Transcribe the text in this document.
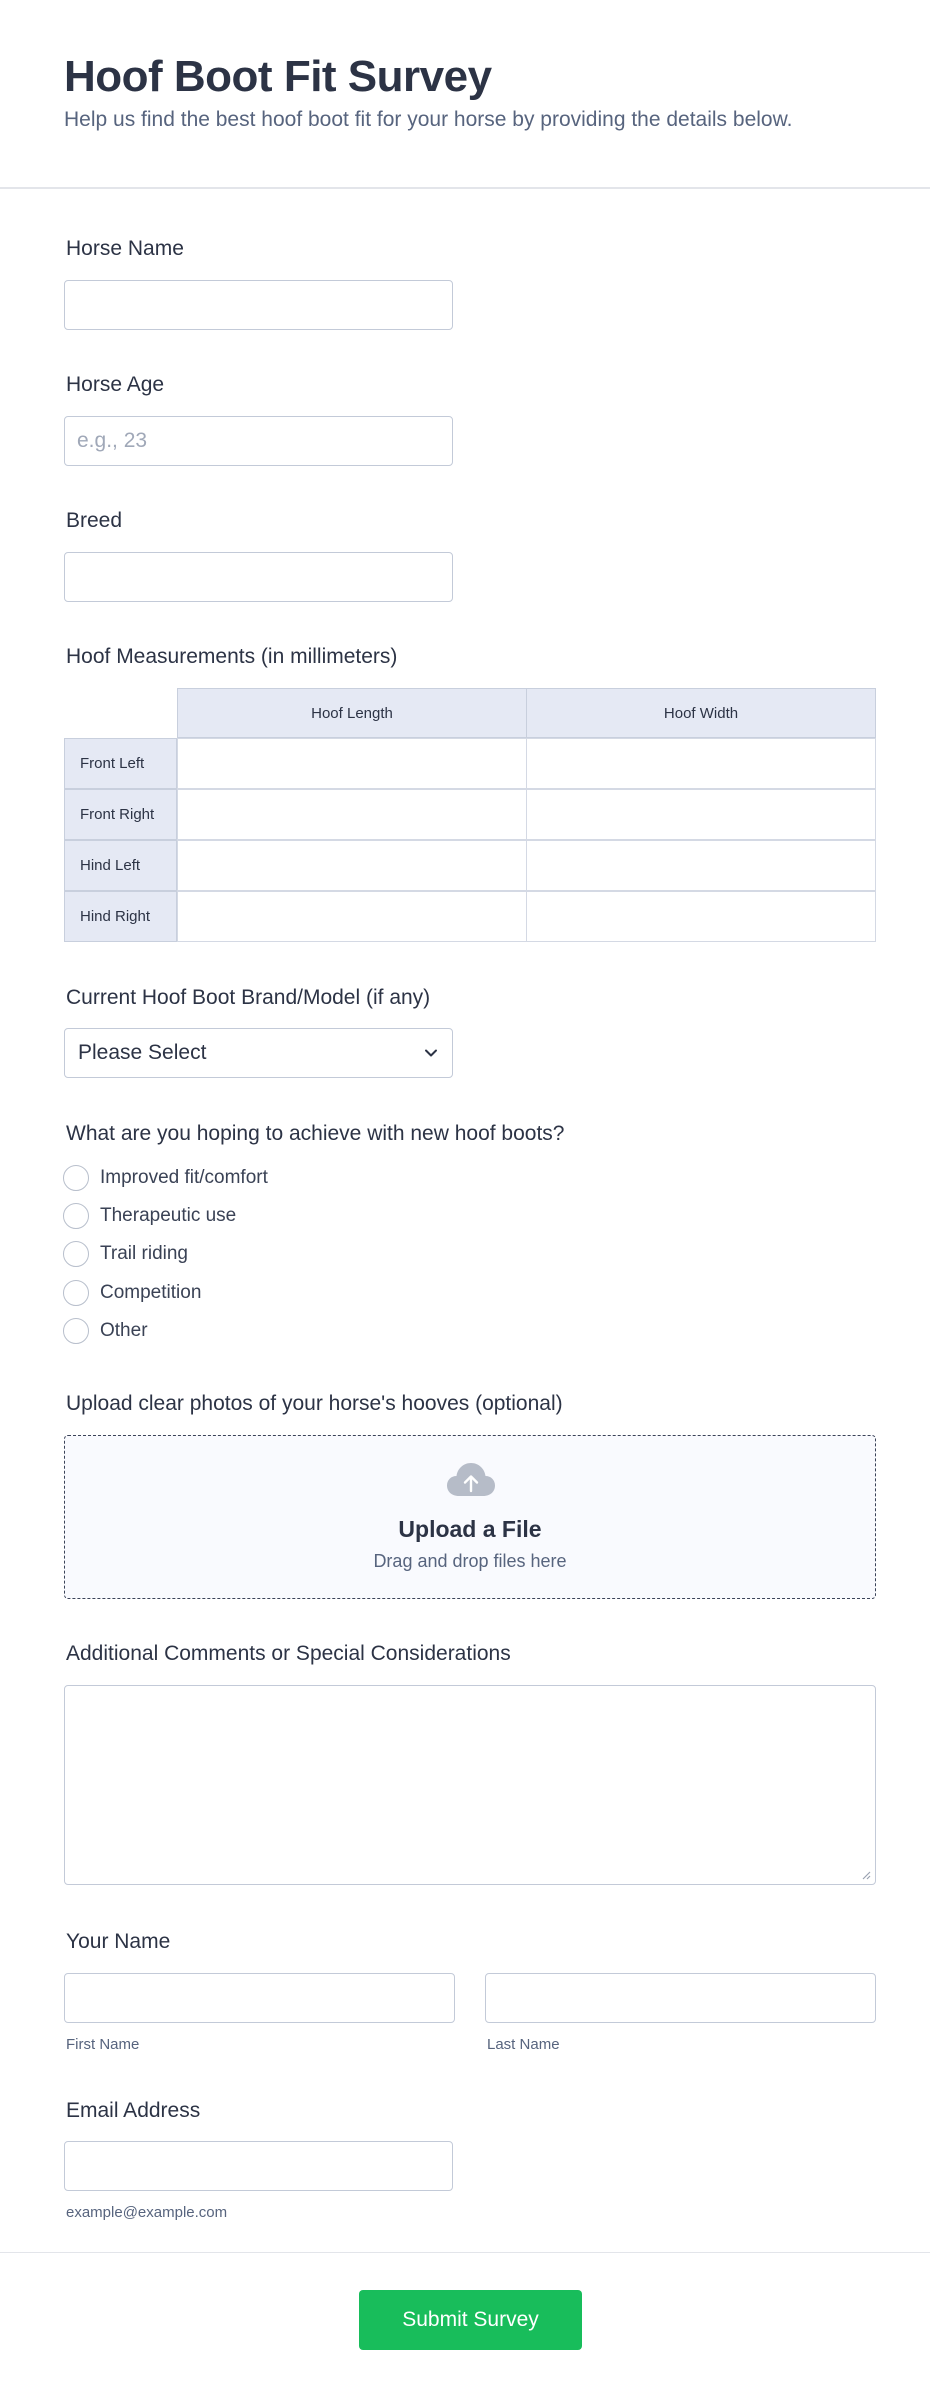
Hoof Boot Fit Survey

Help us find the best hoof boot fit for your horse by providing the details below.

Horse Name
Horse Age
e.g., 23
Breed
Hoof Measurements (in millimeters)
Hoof Length	Hoof Width
Front Left
Front Right
Hind Left
Hind Right
Current Hoof Boot Brand/Model (if any)
Please Select
What are you hoping to achieve with new hoof boots?
Improved fit/comfort
Therapeutic use
Trail riding
Competition
Other
Upload clear photos of your horse's hooves (optional)
Upload a File
Drag and drop files here
Additional Comments or Special Considerations
Your Name
First Name	Last Name
Email Address
example@example.com
Submit Survey
